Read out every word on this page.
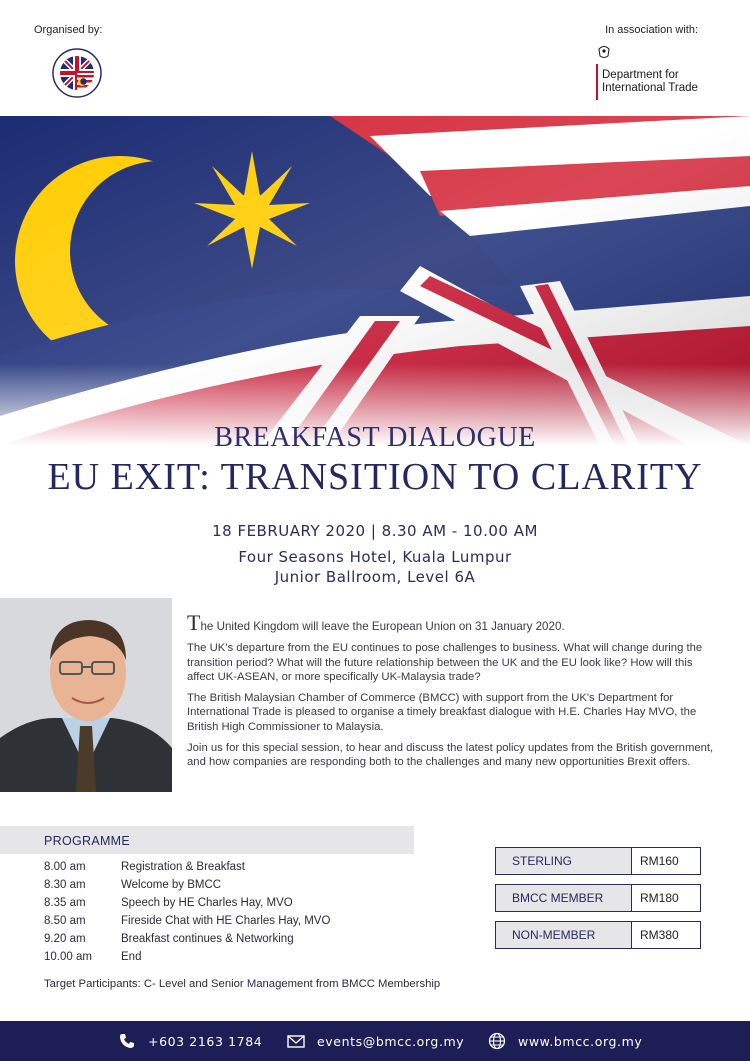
Organised by:	In association with:
Department for
International Trade
BREAKFAST DIALOGUE
EU EXIT: TRANSITION TO CLARITY
18 FEBRUARY 2020 | 8.30 AM - 10.00 AM
Four Seasons Hotel, Kuala Lumpur
Junior Ballroom, Level 6A

The United Kingdom will leave the European Union on 31 January 2020.

The UK's departure from the EU continues to pose challenges to business. What will change during the transition period? What will the future relationship between the UK and the EU look like? How will this affect UK-ASEAN, or more specifically UK-Malaysia trade?

The British Malaysian Chamber of Commerce (BMCC) with support from the UK's Department for International Trade is pleased to organise a timely breakfast dialogue with H.E. Charles Hay MVO, the British High Commissioner to Malaysia.

Join us for this special session, to hear and discuss the latest policy updates from the British government, and how companies are responding both to the challenges and many new opportunities Brexit offers.

PROGRAMME
8.00 am	Registration & Breakfast
8.30 am	Welcome by BMCC
8.35 am	Speech by HE Charles Hay, MVO
8.50 am	Fireside Chat with HE Charles Hay, MVO
9.20 am	Breakfast continues & Networking
10.00 am	End
Target Participants: C- Level and Senior Management from BMCC Membership
STERLING	RM160
BMCC MEMBER	RM180
NON-MEMBER	RM380
+603 2163 1784	events@bmcc.org.my	www.bmcc.org.my
